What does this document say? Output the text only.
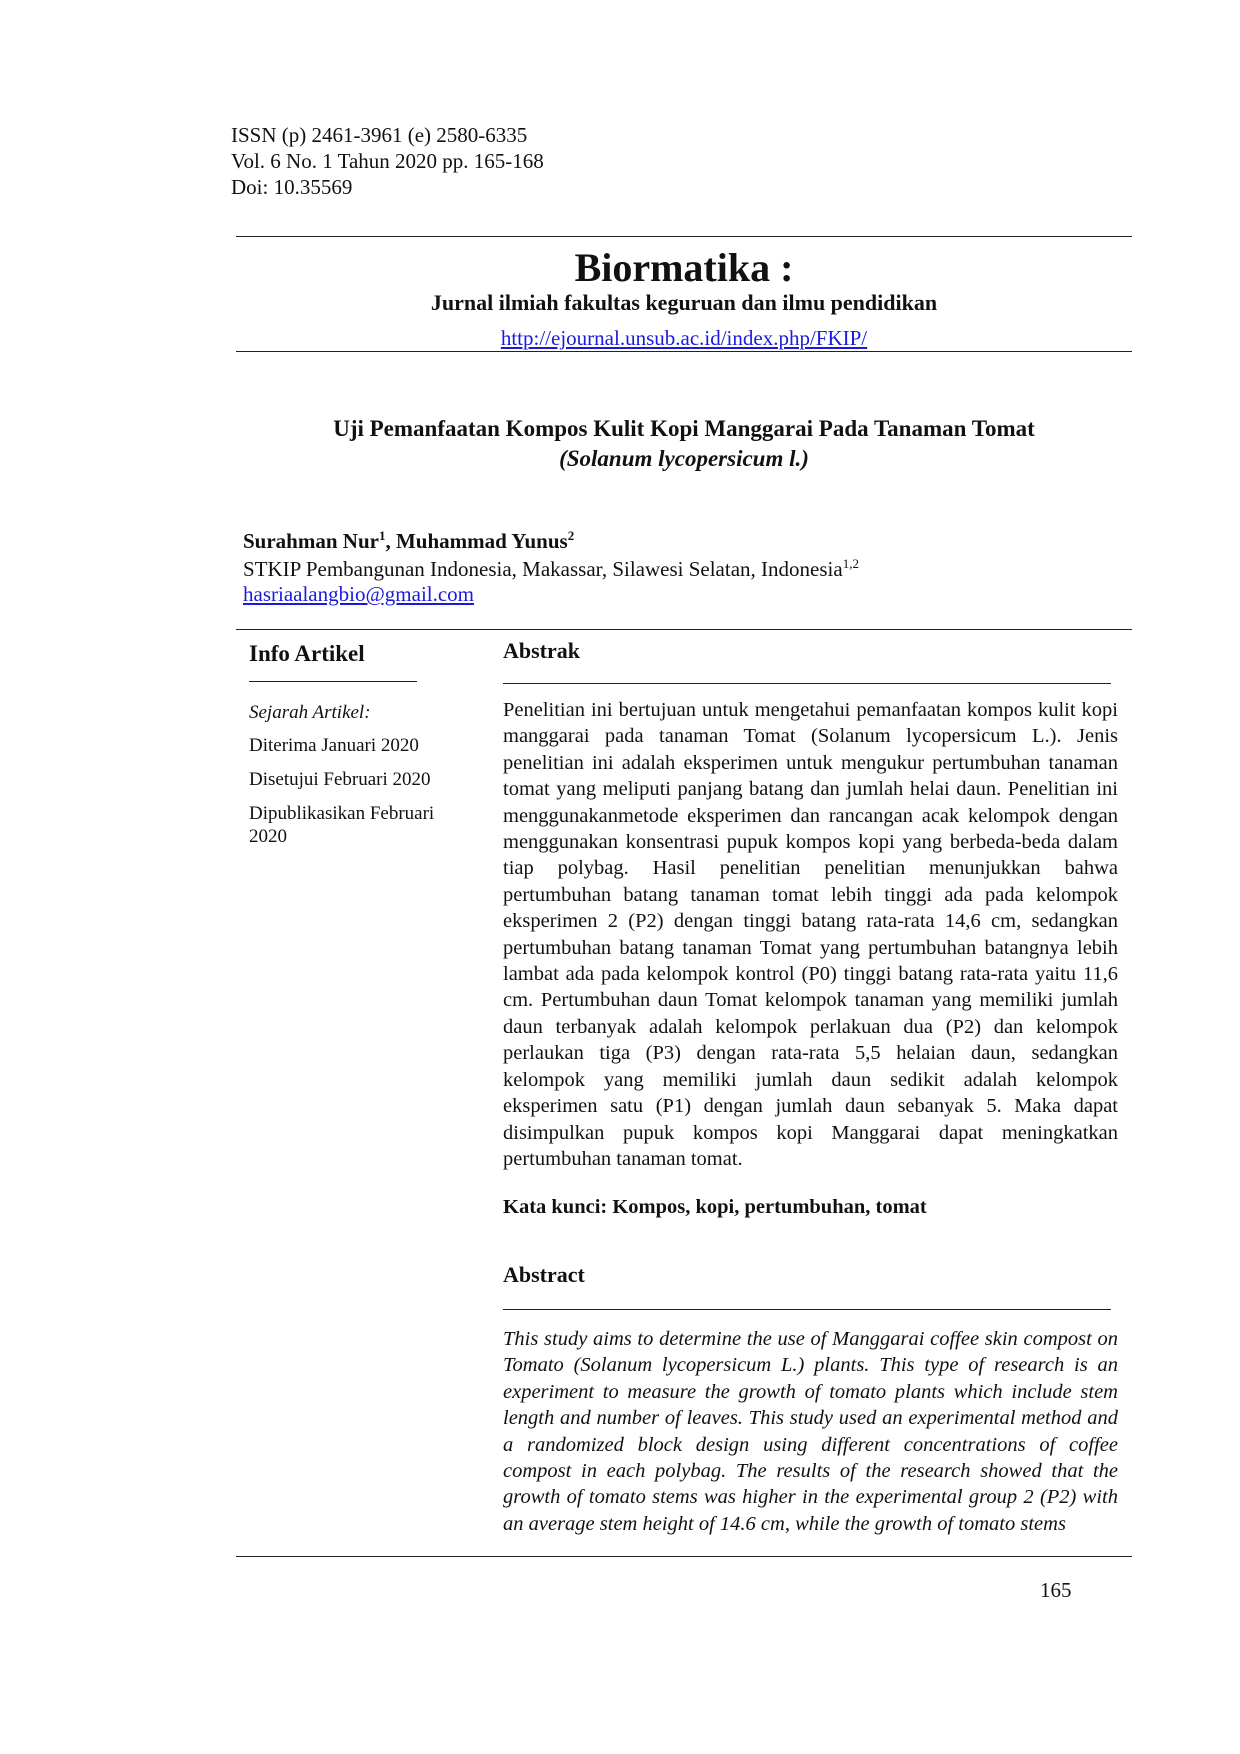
ISSN (p) 2461-3961 (e) 2580-6335
Vol. 6 No. 1 Tahun 2020 pp. 165-168
Doi: 10.35569
Biormatika :
Jurnal ilmiah fakultas keguruan dan ilmu pendidikan
http://ejournal.unsub.ac.id/index.php/FKIP/
Uji Pemanfaatan Kompos Kulit Kopi Manggarai Pada Tanaman Tomat
(Solanum lycopersicum l.)
Surahman Nur$^1$, Muhammad Yunus$^2$
STKIP Pembangunan Indonesia, Makassar, Silawesi Selatan, Indonesia$^{1,2}$
hasriaalangbio@gmail.com
Info Artikel
Sejarah Artikel:
Diterima Januari 2020
Disetujui Februari 2020
Dipublikasikan Februari
2020
Abstrak
Penelitian ini bertujuan untuk mengetahui pemanfaatan kompos kulit kopi manggarai pada tanaman Tomat (Solanum lycopersicum L.). Jenis penelitian ini adalah eksperimen untuk mengukur pertumbuhan tanaman tomat yang meliputi panjang batang dan jumlah helai daun. Penelitian ini menggunakanmetode eksperimen dan rancangan acak kelompok dengan menggunakan konsentrasi pupuk kompos kopi yang berbeda-beda dalam tiap polybag. Hasil penelitian penelitian menunjukkan bahwa pertumbuhan batang tanaman tomat lebih tinggi ada pada kelompok eksperimen 2 (P2) dengan tinggi batang rata-rata 14,6 cm, sedangkan pertumbuhan batang tanaman Tomat yang pertumbuhan batangnya lebih lambat ada pada kelompok kontrol (P0) tinggi batang rata-rata yaitu 11,6 cm. Pertumbuhan daun Tomat kelompok tanaman yang memiliki jumlah daun terbanyak adalah kelompok perlakuan dua (P2) dan kelompok perlaukan tiga (P3) dengan rata-rata 5,5 helaian daun, sedangkan kelompok yang memiliki jumlah daun sedikit adalah kelompok eksperimen satu (P1) dengan jumlah daun sebanyak 5. Maka dapat disimpulkan pupuk kompos kopi Manggarai dapat meningkatkan pertumbuhan tanaman tomat.
Kata kunci: Kompos, kopi, pertumbuhan, tomat
Abstract
This study aims to determine the use of Manggarai coffee skin compost on Tomato (Solanum lycopersicum L.) plants. This type of research is an experiment to measure the growth of tomato plants which include stem length and number of leaves. This study used an experimental method and a randomized block design using different concentrations of coffee compost in each polybag. The results of the research showed that the growth of tomato stems was higher in the experimental group 2 (P2) with an average stem height of 14.6 cm, while the growth of tomato stems
165
